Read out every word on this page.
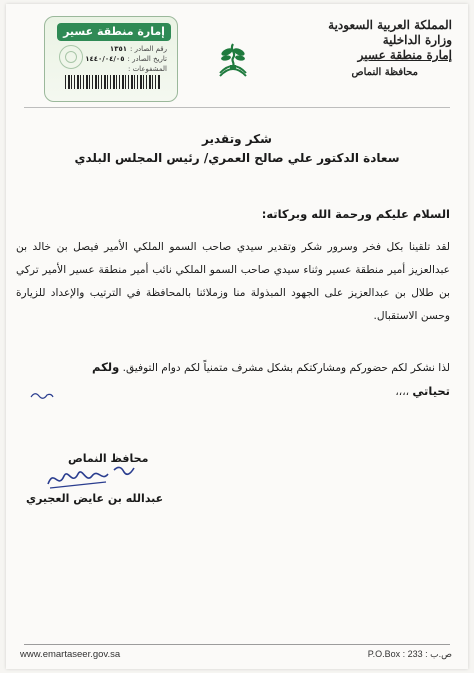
إمارة منطقة عسير
رقم الصادر :١٣٥١
تاريخ الصادر :١٤٤٠/٠٤/٠٥
المشفوعات :
المملكة العربية السعودية
وزارة الداخلية
إمارة منطقة عسير
محافظة النماص
شكر وتقدير
سعادة الدكتور علي صالح العمري/ رئيس المجلس البلدي
السلام عليكم ورحمة الله وبركاته:
لقد تلقينا بكل فخر وسرور شكر وتقدير سيدي صاحب السمو الملكي الأمير فيصل بن خالد بن عبدالعزيز أمير منطقة عسير وثناء سيدي صاحب السمو الملكي نائب أمير منطقة عسير الأمير تركي بن طلال بن عبدالعزيز على الجهود المبذولة منا وزملائنا بالمحافظة في الترتيب والإعداد للزيارة وحسن الاستقبال.
لذا نشكر لكم حضوركم ومشاركتكم بشكل مشرف متمنياً لكم دوام التوفيق. ولكم
تحياتي ،،،،
محافظ النماص
عبدالله بن عايض العجيري
www.emartaseer.gov.sa	P.O.Box : 233 : ص.ب
